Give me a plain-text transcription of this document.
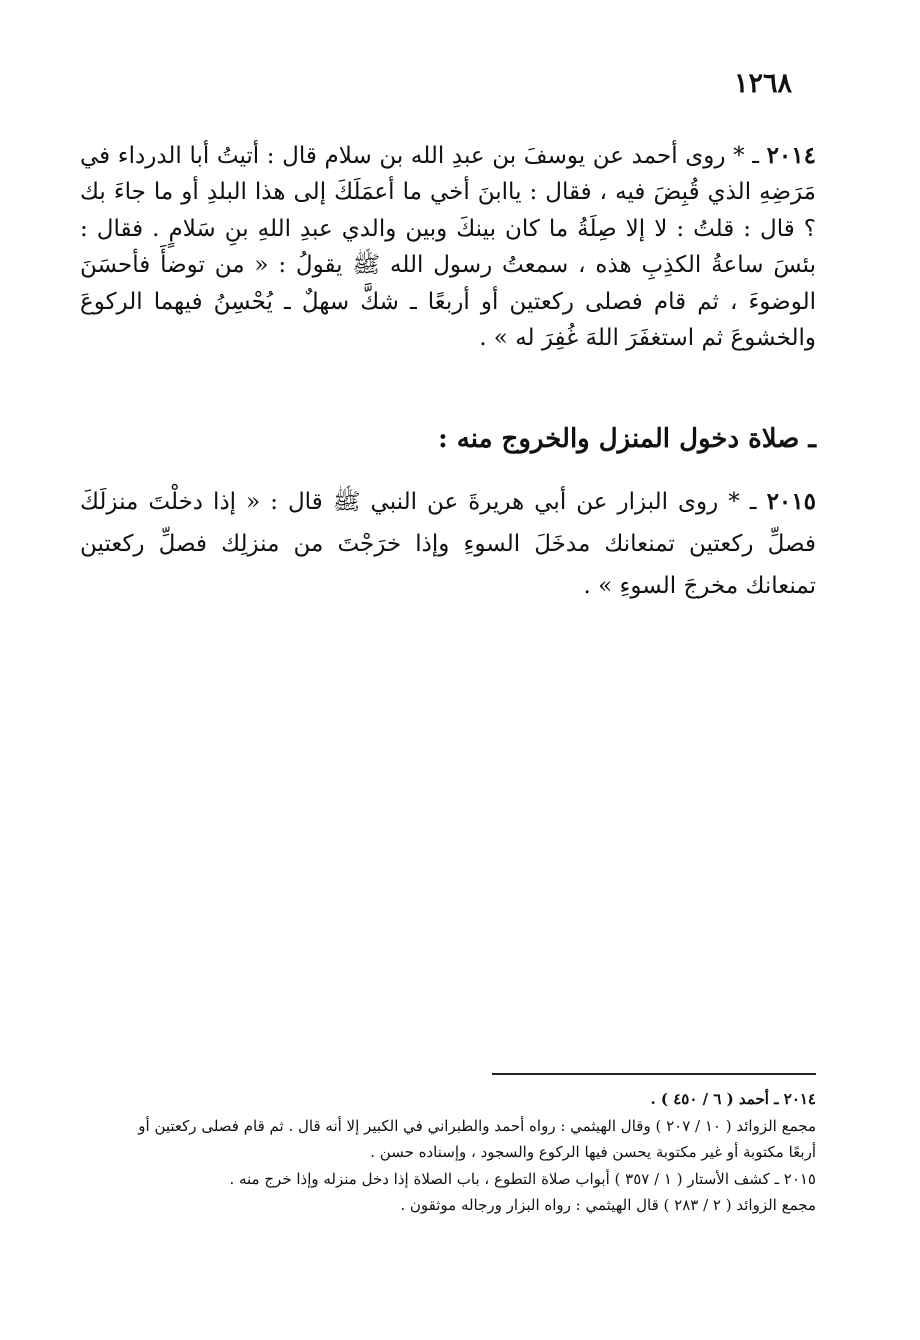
١٢٦٨
٢٠١٤ ـ * روى أحمد عن يوسفَ بن عبدِ الله بن سلام قال : أتيتُ أبا الدرداء في مَرَضِهِ الذي قُبِضَ فيه ، فقال : ياابنَ أخي ما أعمَلَكَ إلى هذا البلدِ أو ما جاءَ بك ؟ قال : قلتُ : لا إلا صِلَةُ ما كان بينكَ وبين والدي عبدِ اللهِ بنِ سَلامٍ . فقال : بئسَ ساعةُ الكذِبِ هذه ، سمعتُ رسول الله ﷺ يقولُ : « من توضأَ فأحسَنَ الوضوءَ ، ثم قام فصلى ركعتين أو أربعًا ـ شكَّ سهلٌ ـ يُحْسِنُ فيهما الركوعَ والخشوعَ ثم استغفَرَ اللهَ غُفِرَ له » .
ـ صلاة دخول المنزل والخروج منه :
٢٠١٥ ـ * روى البزار عن أبي هريرةَ عن النبي ﷺ قال : « إذا دخلْتَ منزلَكَ فصلِّ ركعتين تمنعانك مدخَلَ السوءِ وإذا خرَجْتَ من منزلِك فصلِّ ركعتين تمنعانك مخرجَ السوءِ » .
٢٠١٤ ـ أحمد ( ٦ / ٤٥٠ ) .
مجمع الزوائد ( ١٠ / ٢٠٧ ) وقال الهيثمي : رواه أحمد والطبراني في الكبير إلا أنه قال . ثم قام فصلى ركعتين أو
أربعًا مكتوبة أو غير مكتوبة يحسن فيها الركوع والسجود ، وإسناده حسن .
٢٠١٥ ـ كشف الأستار ( ١ / ٣٥٧ ) أبواب صلاة التطوع ، باب الصلاة إذا دخل منزله وإذا خرج منه .
مجمع الزوائد ( ٢ / ٢٨٣ ) قال الهيثمي : رواه البزار ورجاله موثقون .
